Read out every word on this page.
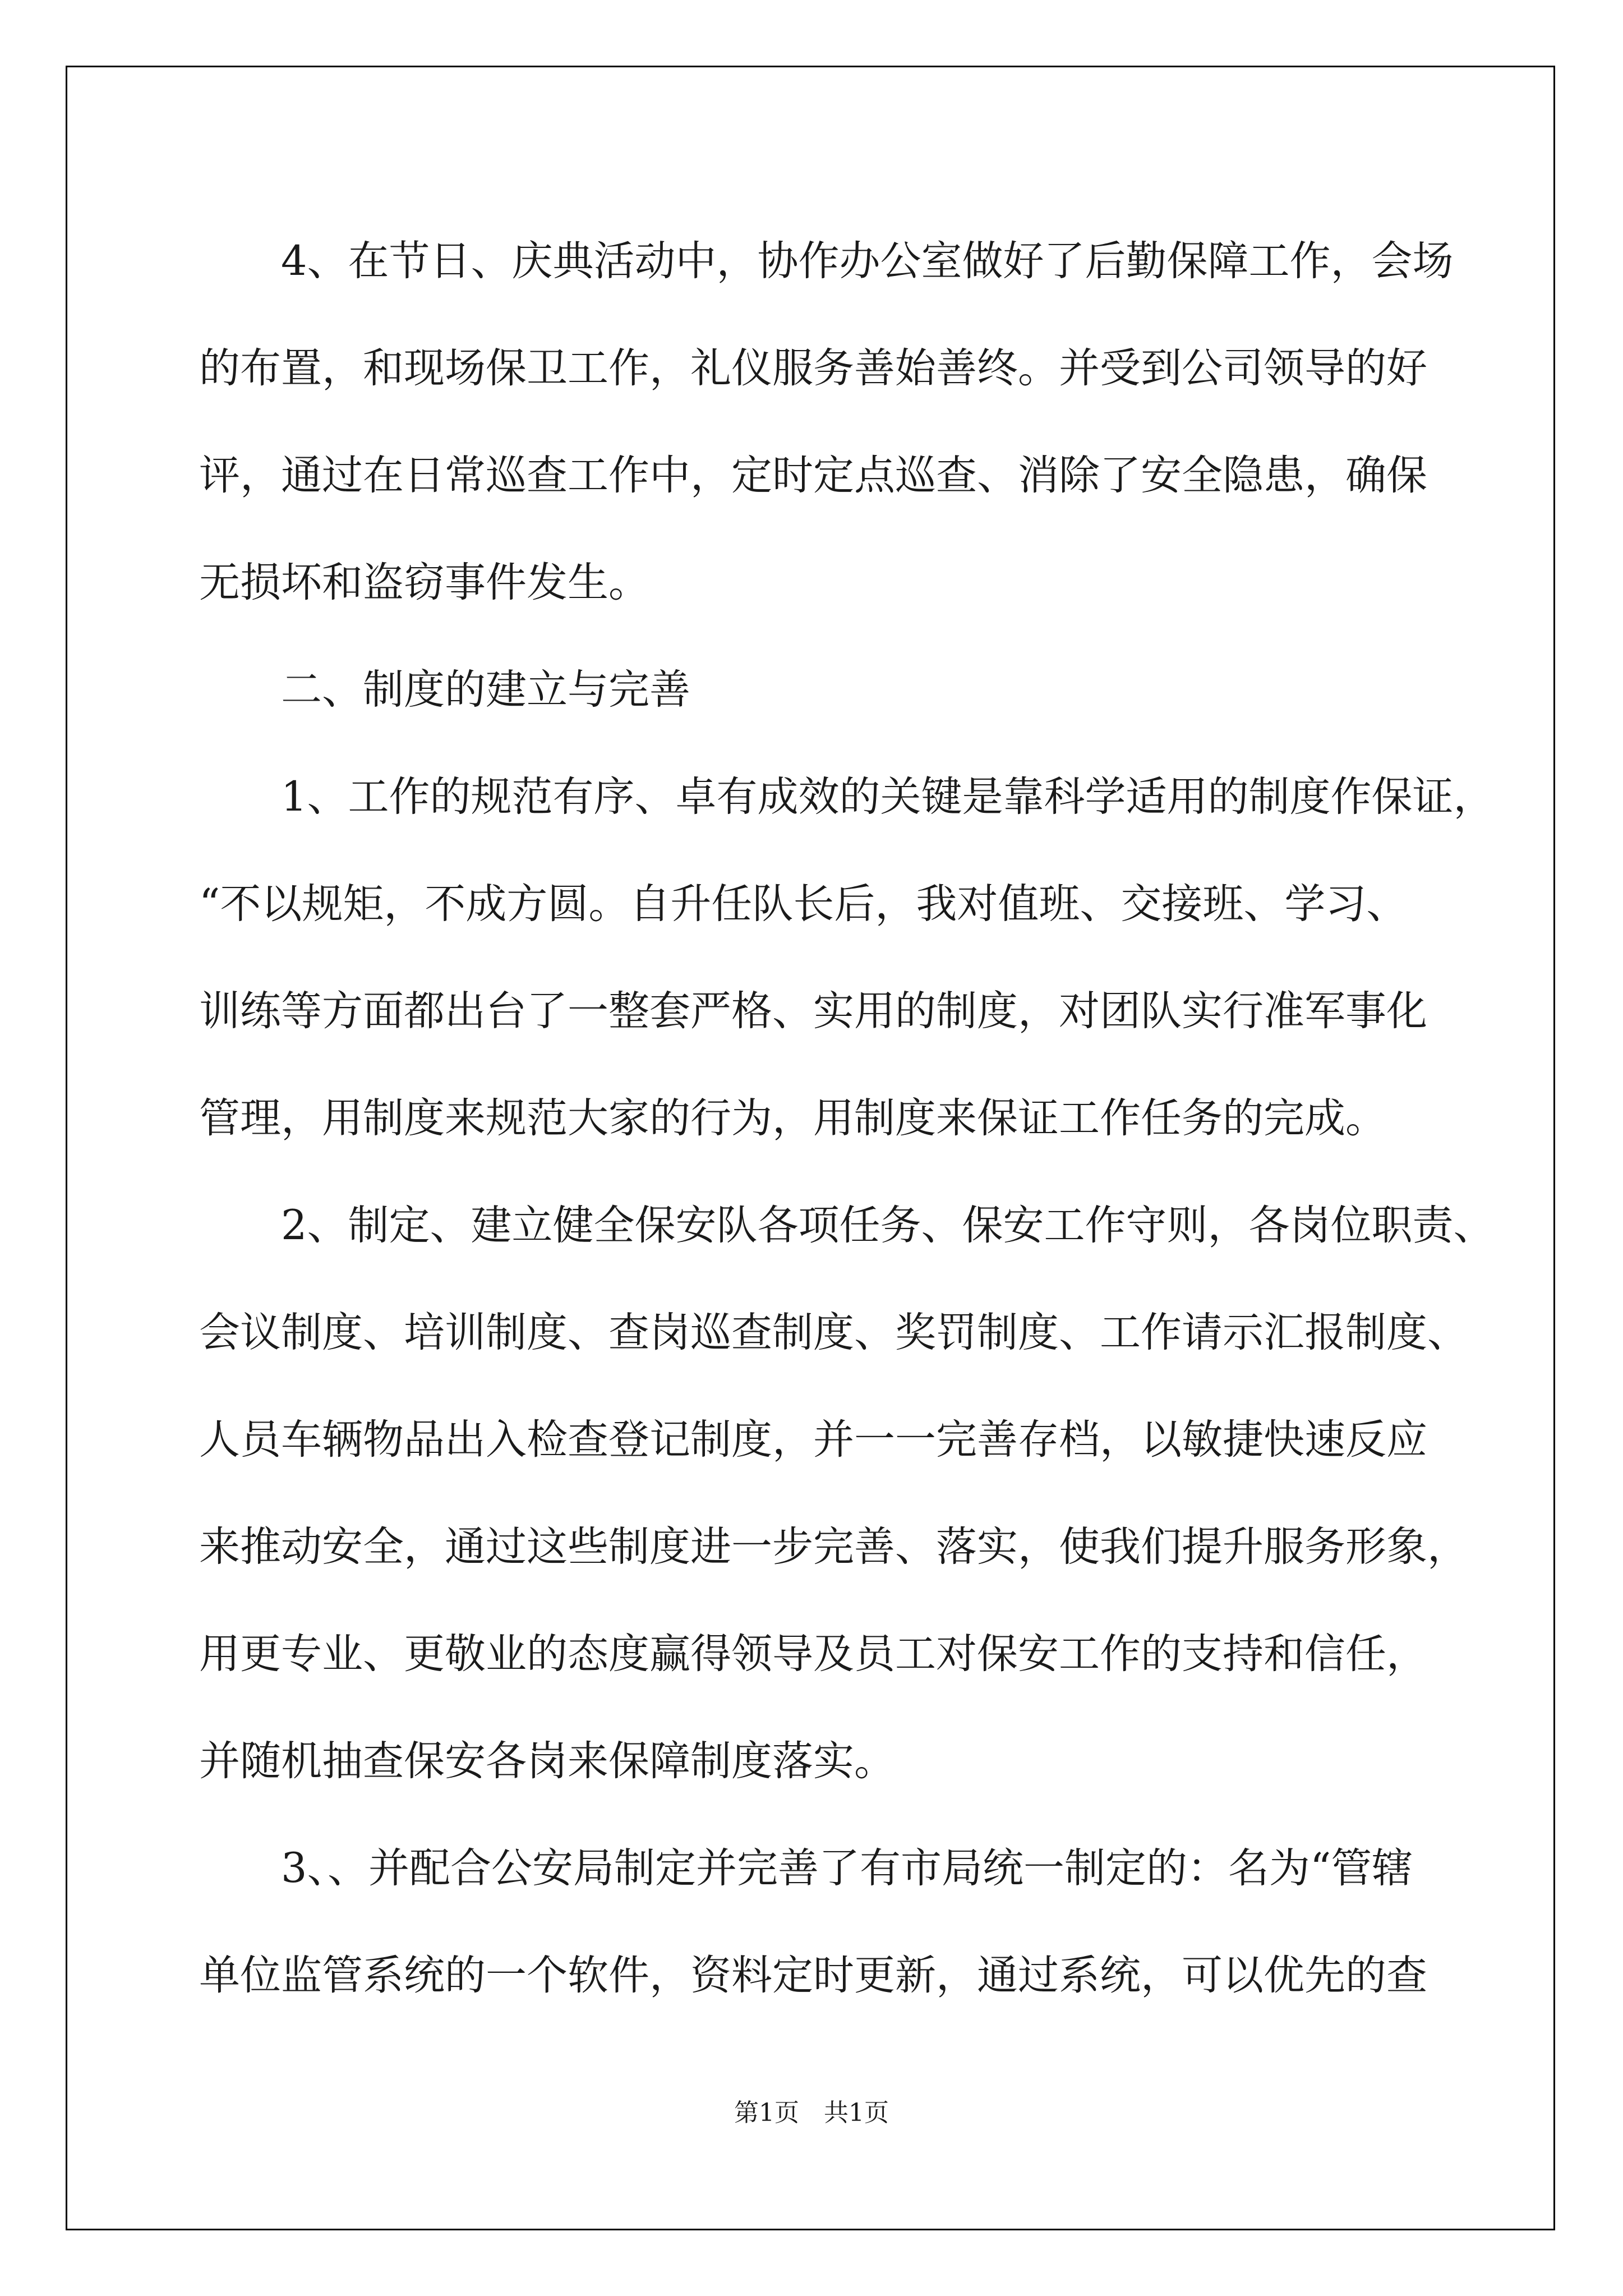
4、在节日、庆典活动中，协作办公室做好了后勤保障工作，会场
的布置，和现场保卫工作，礼仪服务善始善终。并受到公司领导的好
评，通过在日常巡查工作中，定时定点巡查、消除了安全隐患，确保
无损坏和盗窃事件发生。
二、制度的建立与完善
1、工作的规范有序、卓有成效的关键是靠科学适用的制度作保证，
“不以规矩，不成方圆。自升任队长后，我对值班、交接班、学习、
训练等方面都出台了一整套严格、实用的制度，对团队实行准军事化
管理，用制度来规范大家的行为，用制度来保证工作任务的完成。
2、制定、建立健全保安队各项任务、保安工作守则，各岗位职责、
会议制度、培训制度、查岗巡查制度、奖罚制度、工作请示汇报制度、
人员车辆物品出入检查登记制度，并一一完善存档，以敏捷快速反应
来推动安全，通过这些制度进一步完善、落实，使我们提升服务形象，
用更专业、更敬业的态度赢得领导及员工对保安工作的支持和信任，
并随机抽查保安各岗来保障制度落实。
3、、并配合公安局制定并完善了有市局统一制定的：名为“管辖
单位监管系统的一个软件，资料定时更新，通过系统，可以优先的查
第1页　共1页
